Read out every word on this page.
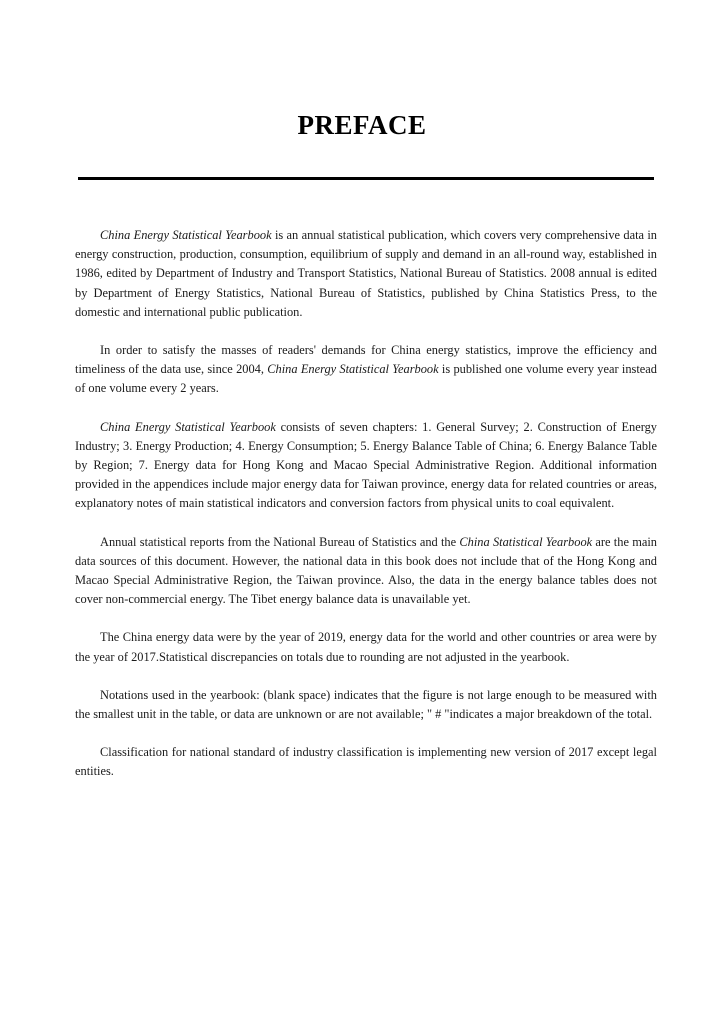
PREFACE

China Energy Statistical Yearbook is an annual statistical publication, which covers very comprehensive data in energy construction, production, consumption, equilibrium of supply and demand in an all-round way, established in 1986, edited by Department of Industry and Transport Statistics, National Bureau of Statistics. 2008 annual is edited by Department of Energy Statistics, National Bureau of Statistics, published by China Statistics Press, to the domestic and international public publication.

In order to satisfy the masses of readers' demands for China energy statistics, improve the efficiency and timeliness of the data use, since 2004, China Energy Statistical Yearbook is published one volume every year instead of one volume every 2 years.

China Energy Statistical Yearbook consists of seven chapters: 1. General Survey; 2. Construction of Energy Industry; 3. Energy Production; 4. Energy Consumption; 5. Energy Balance Table of China; 6. Energy Balance Table by Region; 7. Energy data for Hong Kong and Macao Special Administrative Region. Additional information provided in the appendices include major energy data for Taiwan province, energy data for related countries or areas, explanatory notes of main statistical indicators and conversion factors from physical units to coal equivalent.

Annual statistical reports from the National Bureau of Statistics and the China Statistical Yearbook are the main data sources of this document. However, the national data in this book does not include that of the Hong Kong and Macao Special Administrative Region, the Taiwan province. Also, the data in the energy balance tables does not cover non-commercial energy. The Tibet energy balance data is unavailable yet.

The China energy data were by the year of 2019, energy data for the world and other countries or area were by the year of 2017.Statistical discrepancies on totals due to rounding are not adjusted in the yearbook.

Notations used in the yearbook: (blank space) indicates that the figure is not large enough to be measured with the smallest unit in the table, or data are unknown or are not available; " # "indicates a major breakdown of the total.

Classification for national standard of industry classification is implementing new version of 2017 except legal entities.
